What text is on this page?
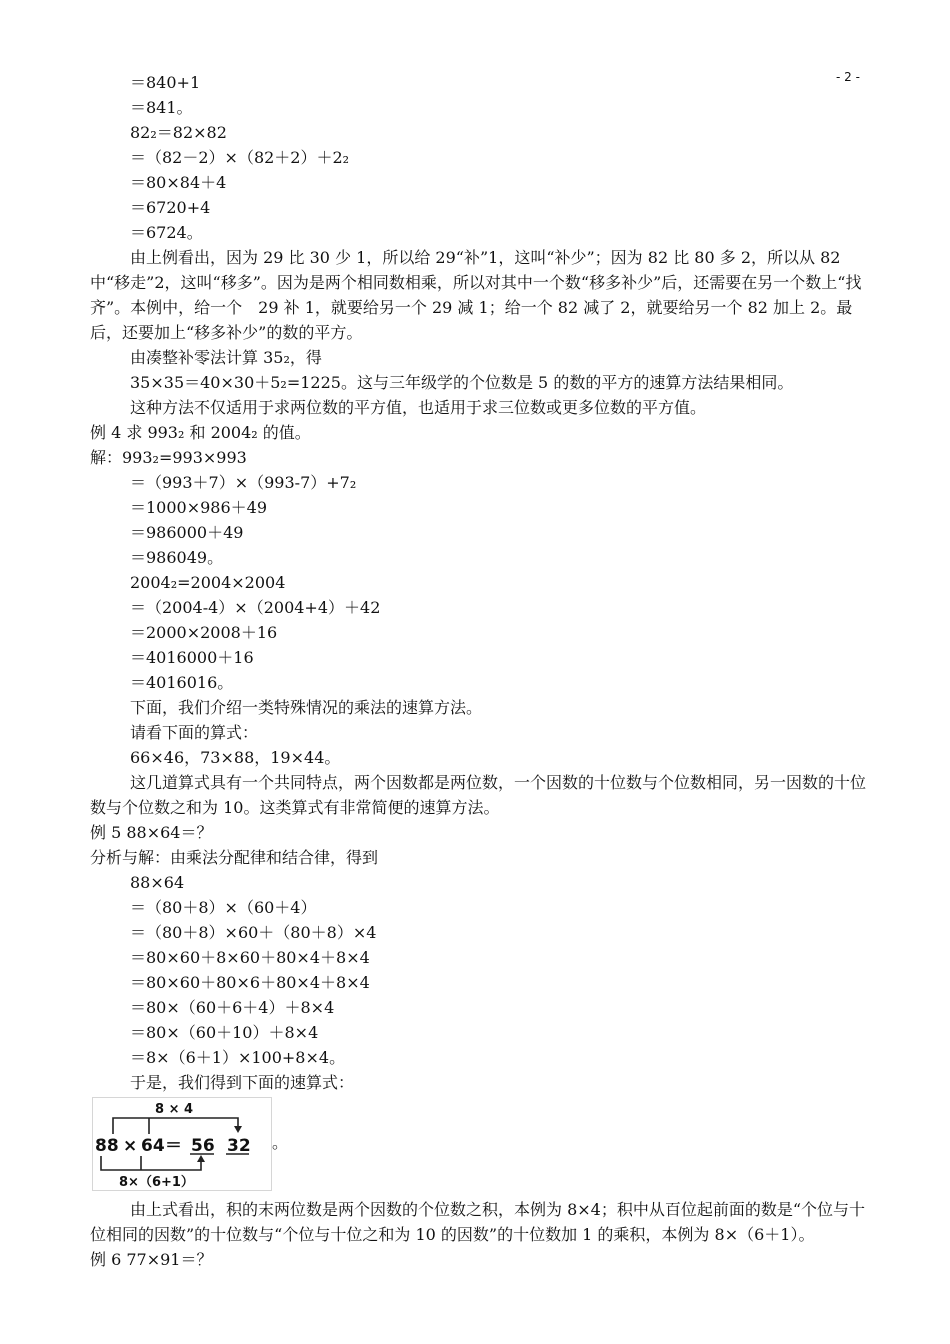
- 2 -

＝840+1

＝841。

82₂＝82×82

＝（82－2）×（82＋2）＋2₂

＝80×84＋4

＝6720+4

＝6724。

由上例看出，因为 29 比 30 少 1，所以给 29“补”1，这叫“补少”；因为 82 比 80 多 2，所以从 82 中“移走”2，这叫“移多”。因为是两个相同数相乘，所以对其中一个数“移多补少”后，还需要在另一个数上“找齐”。本例中，给一个　29 补 1，就要给另一个 29 减 1；给一个 82 减了 2，就要给另一个 82 加上 2。最后，还要加上“移多补少”的数的平方。

由凑整补零法计算 35₂，得

35×35＝40×30＋5₂=1225。这与三年级学的个位数是 5 的数的平方的速算方法结果相同。

这种方法不仅适用于求两位数的平方值，也适用于求三位数或更多位数的平方值。

例 4 求 993₂ 和 2004₂ 的值。

解：993₂=993×993

＝（993＋7）×（993-7）+7₂

＝1000×986＋49

＝986000＋49

＝986049。

2004₂=2004×2004

＝（2004-4）×（2004+4）＋42

＝2000×2008＋16

＝4016000＋16

＝4016016。

下面，我们介绍一类特殊情况的乘法的速算方法。

请看下面的算式：

66×46，73×88，19×44。

这几道算式具有一个共同特点，两个因数都是两位数，一个因数的十位数与个位数相同，另一因数的十位数与个位数之和为 10。这类算式有非常简便的速算方法。

例 5 88×64＝？

分析与解：由乘法分配律和结合律，得到

88×64

＝（80＋8）×（60＋4）

＝（80＋8）×60＋（80＋8）×4

＝80×60＋8×60＋80×4＋8×4

＝80×60＋80×6＋80×4＋8×4

＝80×（60＋6＋4）＋8×4

＝80×（60＋10）＋8×4

＝8×（6＋1）×100+8×4。

于是，我们得到下面的速算式：

8 × 4
88 × 64 ＝ 56 32
8×（6+1）
。

由上式看出，积的末两位数是两个因数的个位数之积，本例为 8×4；积中从百位起前面的数是“个位与十位相同的因数”的十位数与“个位与十位之和为 10 的因数”的十位数加 1 的乘积，本例为 8×（6＋1）。

例 6 77×91＝？
